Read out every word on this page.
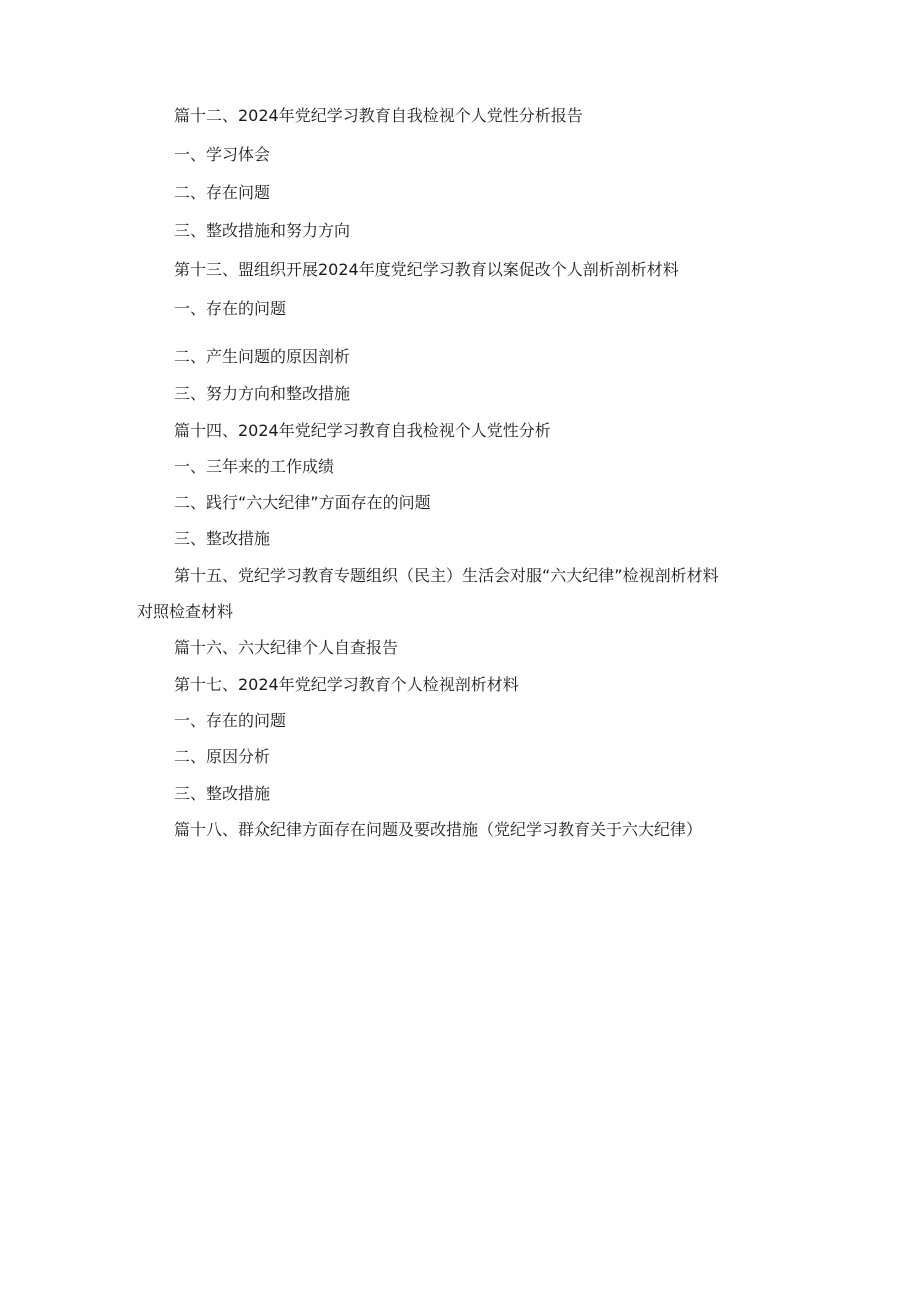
篇十二、2024年党纪学习教育自我检视个人党性分析报告
一、学习体会
二、存在问题
三、整改措施和努力方向
第十三、盟组织开展2024年度党纪学习教育以案促改个人剖析剖析材料
一、存在的问题
二、产生问题的原因剖析
三、努力方向和整改措施
篇十四、2024年党纪学习教育自我检视个人党性分析
一、三年来的工作成绩
二、践行“六大纪律”方面存在的问题
三、整改措施
第十五、党纪学习教育专题组织（民主）生活会对服“六大纪律”检视剖析材料
对照检查材料
篇十六、六大纪律个人自查报告
第十七、2024年党纪学习教育个人检视剖析材料
一、存在的问题
二、原因分析
三、整改措施
篇十八、群众纪律方面存在问题及要改措施（党纪学习教育关于六大纪律）
